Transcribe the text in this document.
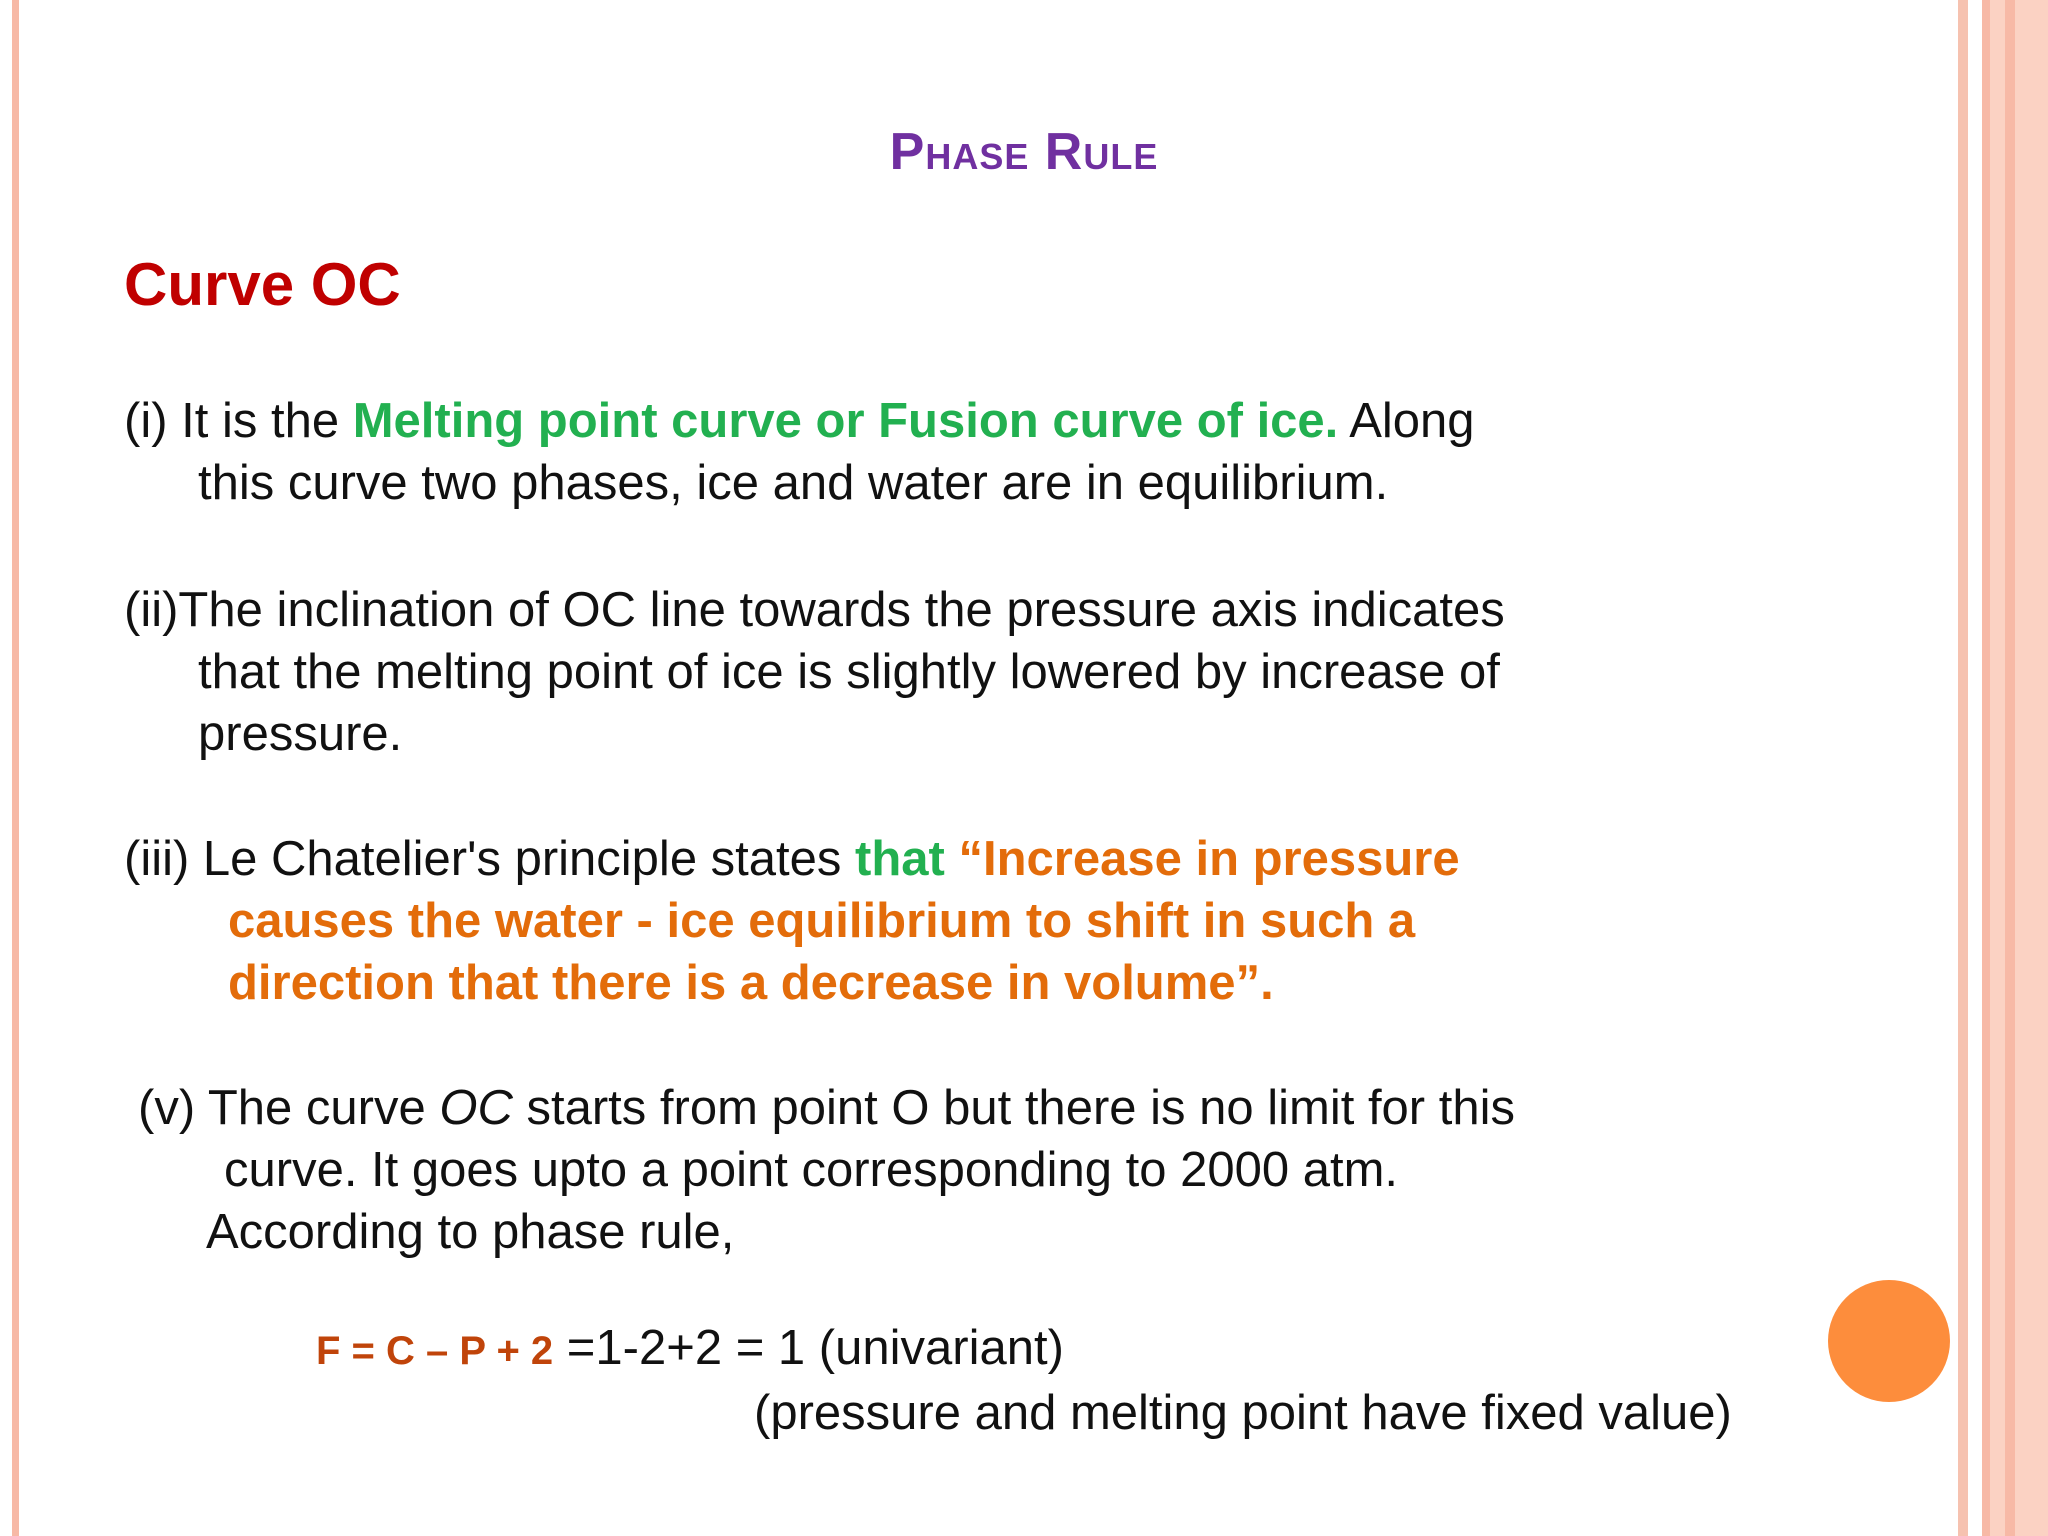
Phase Rule
Curve OC
(i) It is the Melting point curve or Fusion curve of ice. Along
this curve two phases, ice and water are in equilibrium.
(ii)The inclination of OC line towards the pressure axis indicates
that the melting point of ice is slightly lowered by increase of
pressure.
(iii) Le Chatelier's principle states that “Increase in pressure
causes the water - ice equilibrium to shift in such a
direction that there is a decrease in volume”.
(v) The curve OC starts from point O but there is no limit for this
curve. It goes upto a point corresponding to 2000 atm.
According to phase rule,
F = C – P + 2 =1-2+2 = 1 (univariant)
(pressure and melting point have fixed value)
